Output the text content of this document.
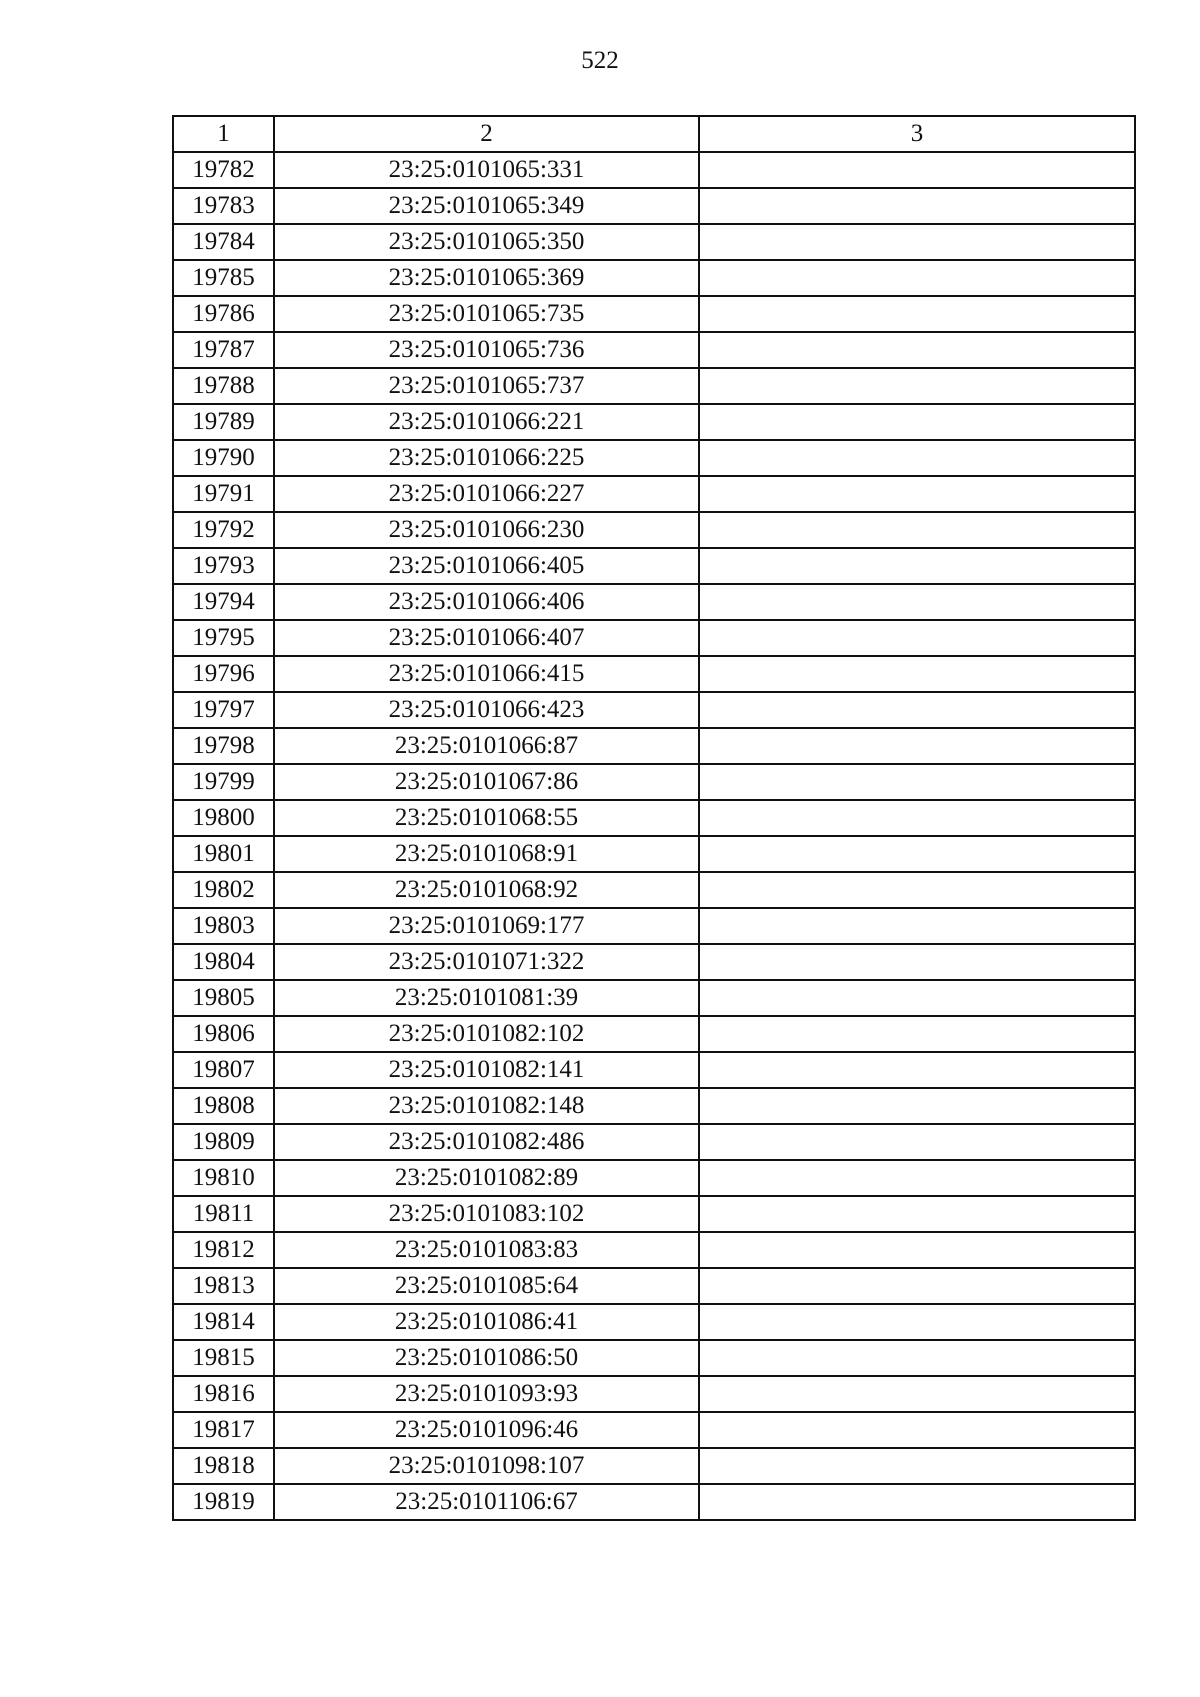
522
1	2	3
19782	23:25:0101065:331	
19783	23:25:0101065:349	
19784	23:25:0101065:350	
19785	23:25:0101065:369	
19786	23:25:0101065:735	
19787	23:25:0101065:736	
19788	23:25:0101065:737	
19789	23:25:0101066:221	
19790	23:25:0101066:225	
19791	23:25:0101066:227	
19792	23:25:0101066:230	
19793	23:25:0101066:405	
19794	23:25:0101066:406	
19795	23:25:0101066:407	
19796	23:25:0101066:415	
19797	23:25:0101066:423	
19798	23:25:0101066:87	
19799	23:25:0101067:86	
19800	23:25:0101068:55	
19801	23:25:0101068:91	
19802	23:25:0101068:92	
19803	23:25:0101069:177	
19804	23:25:0101071:322	
19805	23:25:0101081:39	
19806	23:25:0101082:102	
19807	23:25:0101082:141	
19808	23:25:0101082:148	
19809	23:25:0101082:486	
19810	23:25:0101082:89	
19811	23:25:0101083:102	
19812	23:25:0101083:83	
19813	23:25:0101085:64	
19814	23:25:0101086:41	
19815	23:25:0101086:50	
19816	23:25:0101093:93	
19817	23:25:0101096:46	
19818	23:25:0101098:107	
19819	23:25:0101106:67	
